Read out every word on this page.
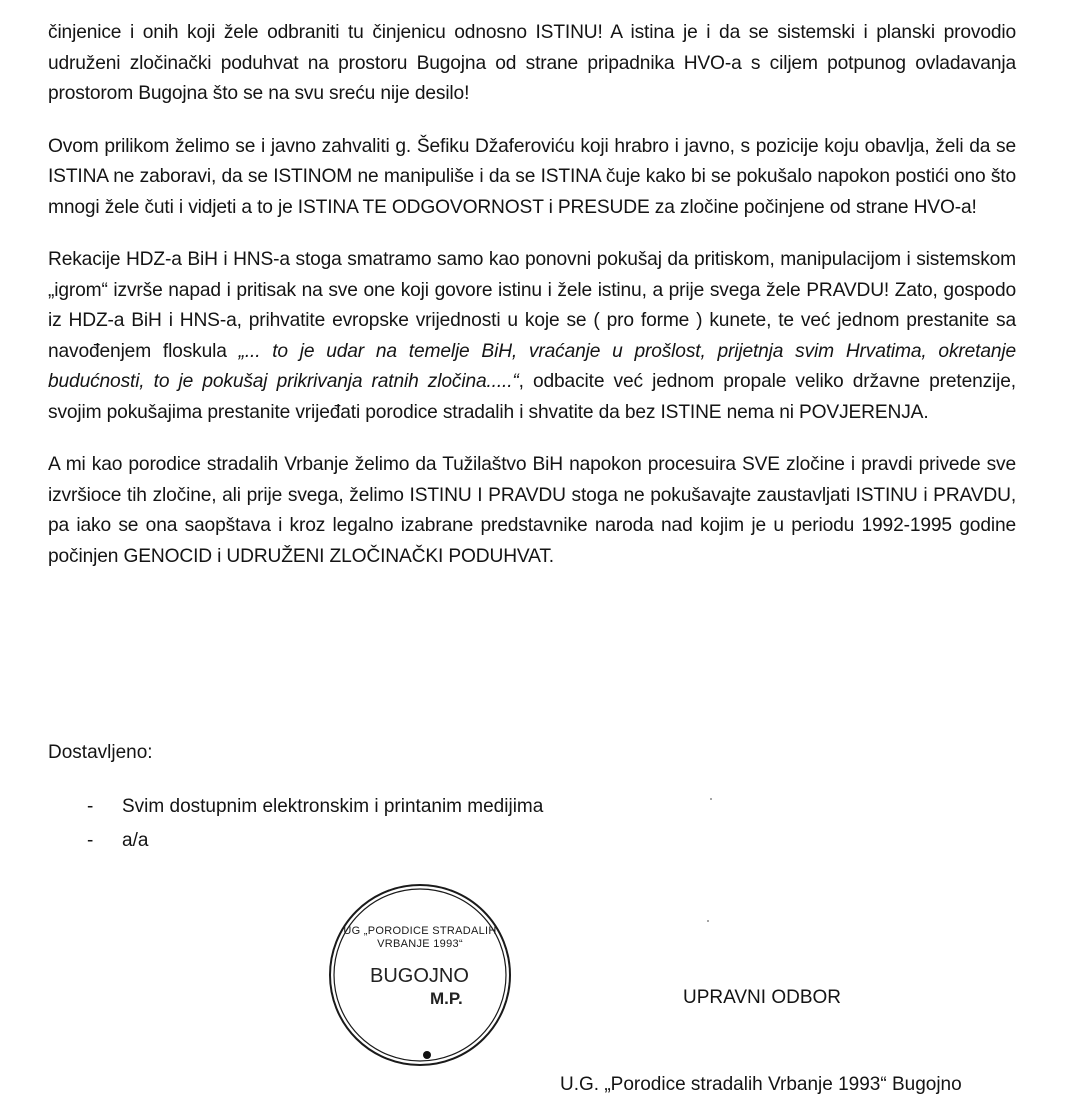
činjenice i onih koji žele odbraniti tu činjenicu odnosno ISTINU! A istina je i da se sistemski i planski provodio udruženi zločinački poduhvat na prostoru Bugojna od strane pripadnika HVO-a s ciljem potpunog ovladavanja prostorom Bugojna što se na svu sreću nije desilo!

Ovom prilikom želimo se i javno zahvaliti g. Šefiku Džaferoviću koji hrabro i javno, s pozicije koju obavlja, želi da se ISTINA ne zaboravi, da se ISTINOM ne manipuliše i da se ISTINA čuje kako bi se pokušalo napokon postići ono što mnogi žele čuti i vidjeti a to je ISTINA TE ODGOVORNOST i PRESUDE za zločine počinjene od strane HVO-a!

Rekacije HDZ-a BiH i HNS-a stoga smatramo samo kao ponovni pokušaj da pritiskom, manipulacijom i sistemskom „igrom“ izvrše napad i pritisak na sve one koji govore istinu i žele istinu, a prije svega žele PRAVDU! Zato, gospodo iz HDZ-a BiH i HNS-a, prihvatite evropske vrijednosti u koje se ( pro forme ) kunete, te već jednom prestanite sa navođenjem floskula „... to je udar na temelje BiH, vraćanje u prošlost, prijetnja svim Hrvatima, okretanje budućnosti, to je pokušaj prikrivanja ratnih zločina.....“, odbacite već jednom propale veliko državne pretenzije, svojim pokušajima prestanite vrijeđati porodice stradalih i shvatite da bez ISTINE nema ni POVJERENJA.

A mi kao porodice stradalih Vrbanje želimo da Tužilaštvo BiH napokon procesuira SVE zločine i pravdi privede sve izvršioce tih zločine, ali prije svega, želimo ISTINU I PRAVDU stoga ne pokušavajte zaustavljati ISTINU i PRAVDU, pa iako se ona saopštava i kroz legalno izabrane predstavnike naroda nad kojim je u periodu 1992-1995 godine počinjen GENOCID i UDRUŽENI ZLOČINAČKI PODUHVAT.

Dostavljeno:
- Svim dostupnim elektronskim i printanim medijima
- a/a
UG „PORODICE STRADALIH VRBANJE 1993“
BUGOJNO
M.P.	UPRAVNI ODBOR
U.G. „Porodice stradalih Vrbanje 1993“ Bugojno
